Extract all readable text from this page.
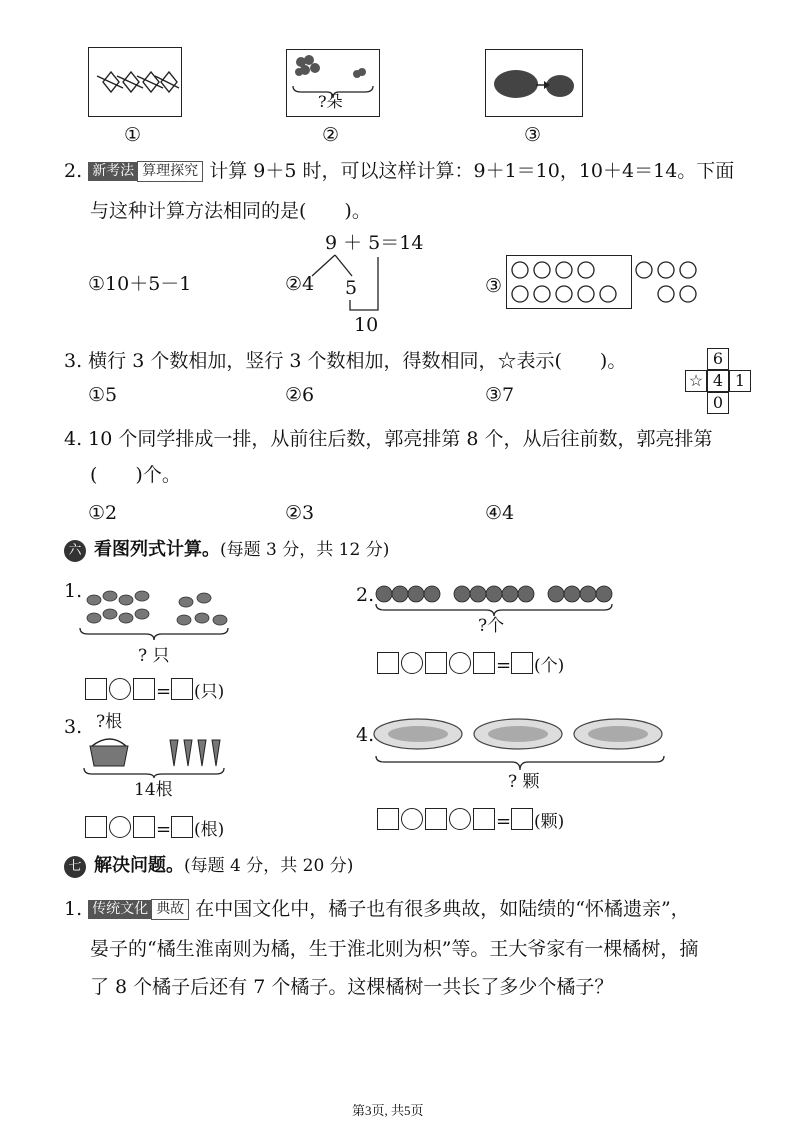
?朵
①	②	③
2. 新考法 算理探究 计算 9＋5 时，可以这样计算：9＋1＝10，10＋4＝14。下面
与这种计算方法相同的是(　　)。
9 ＋ 5＝14
②4 5
10
①10＋5－1	③
3. 横行 3 个数相加，竖行 3 个数相加，得数相同，☆表示(　　)。
①5	②6	③7
6
☆ 4 1
0
4. 10 个同学排成一排，从前往后数，郭亮排第 8 个，从后往前数，郭亮排第
(　　)个。
①2	②3	④4
六 看图列式计算。(每题 3 分，共 12 分)
1.
? 只
= (只)
2.
?个
= (个)
3. ?根
14根
= (根)
4.
? 颗
= (颗)
七 解决问题。(每题 4 分，共 20 分)
1. 传统文化 典故 在中国文化中，橘子也有很多典故，如陆绩的“怀橘遗亲”，
晏子的“橘生淮南则为橘，生于淮北则为枳”等。王大爷家有一棵橘树，摘
了 8 个橘子后还有 7 个橘子。这棵橘树一共长了多少个橘子？
第3页, 共5页
